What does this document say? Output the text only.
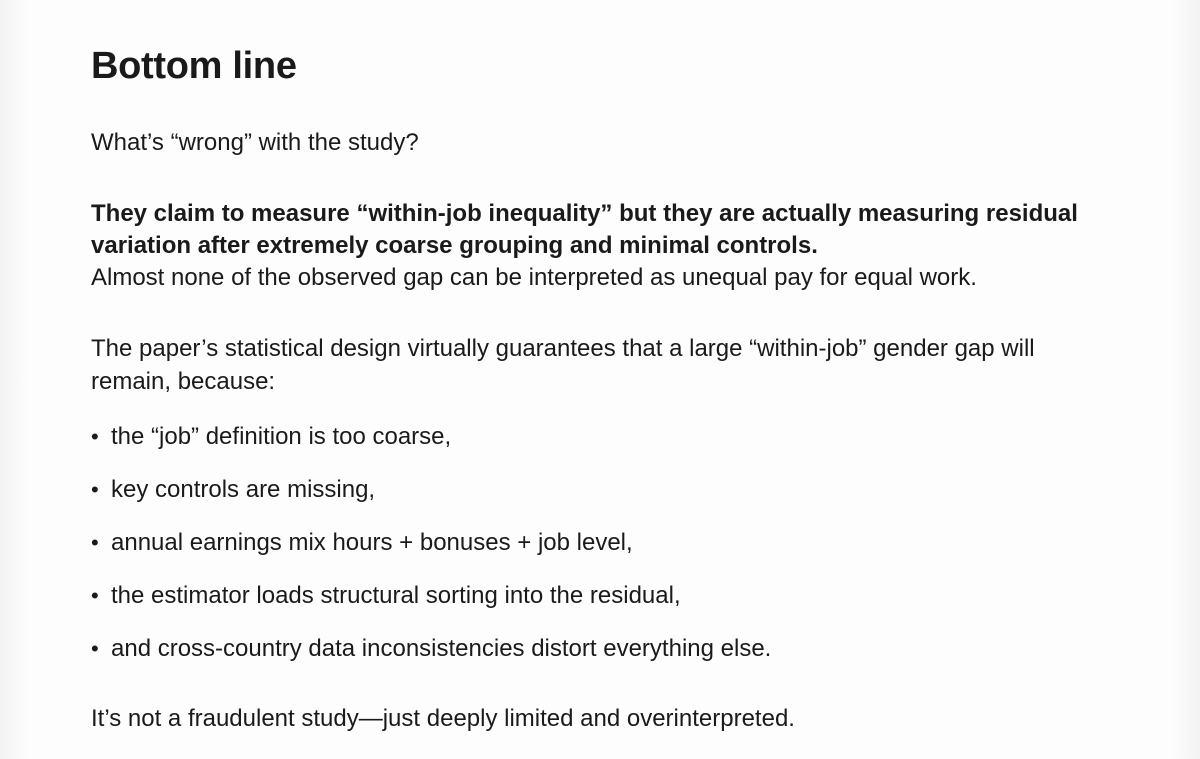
Bottom line

What’s “wrong” with the study?

They claim to measure “within-job inequality” but they are actually measuring residual

variation after extremely coarse grouping and minimal controls.

Almost none of the observed gap can be interpreted as unequal pay for equal work.

The paper’s statistical design virtually guarantees that a large “within-job” gender gap will

remain, because:

• the “job” definition is too coarse,
• key controls are missing,
• annual earnings mix hours + bonuses + job level,
• the estimator loads structural sorting into the residual,
• and cross-country data inconsistencies distort everything else.

It’s not a fraudulent study—just deeply limited and overinterpreted.
